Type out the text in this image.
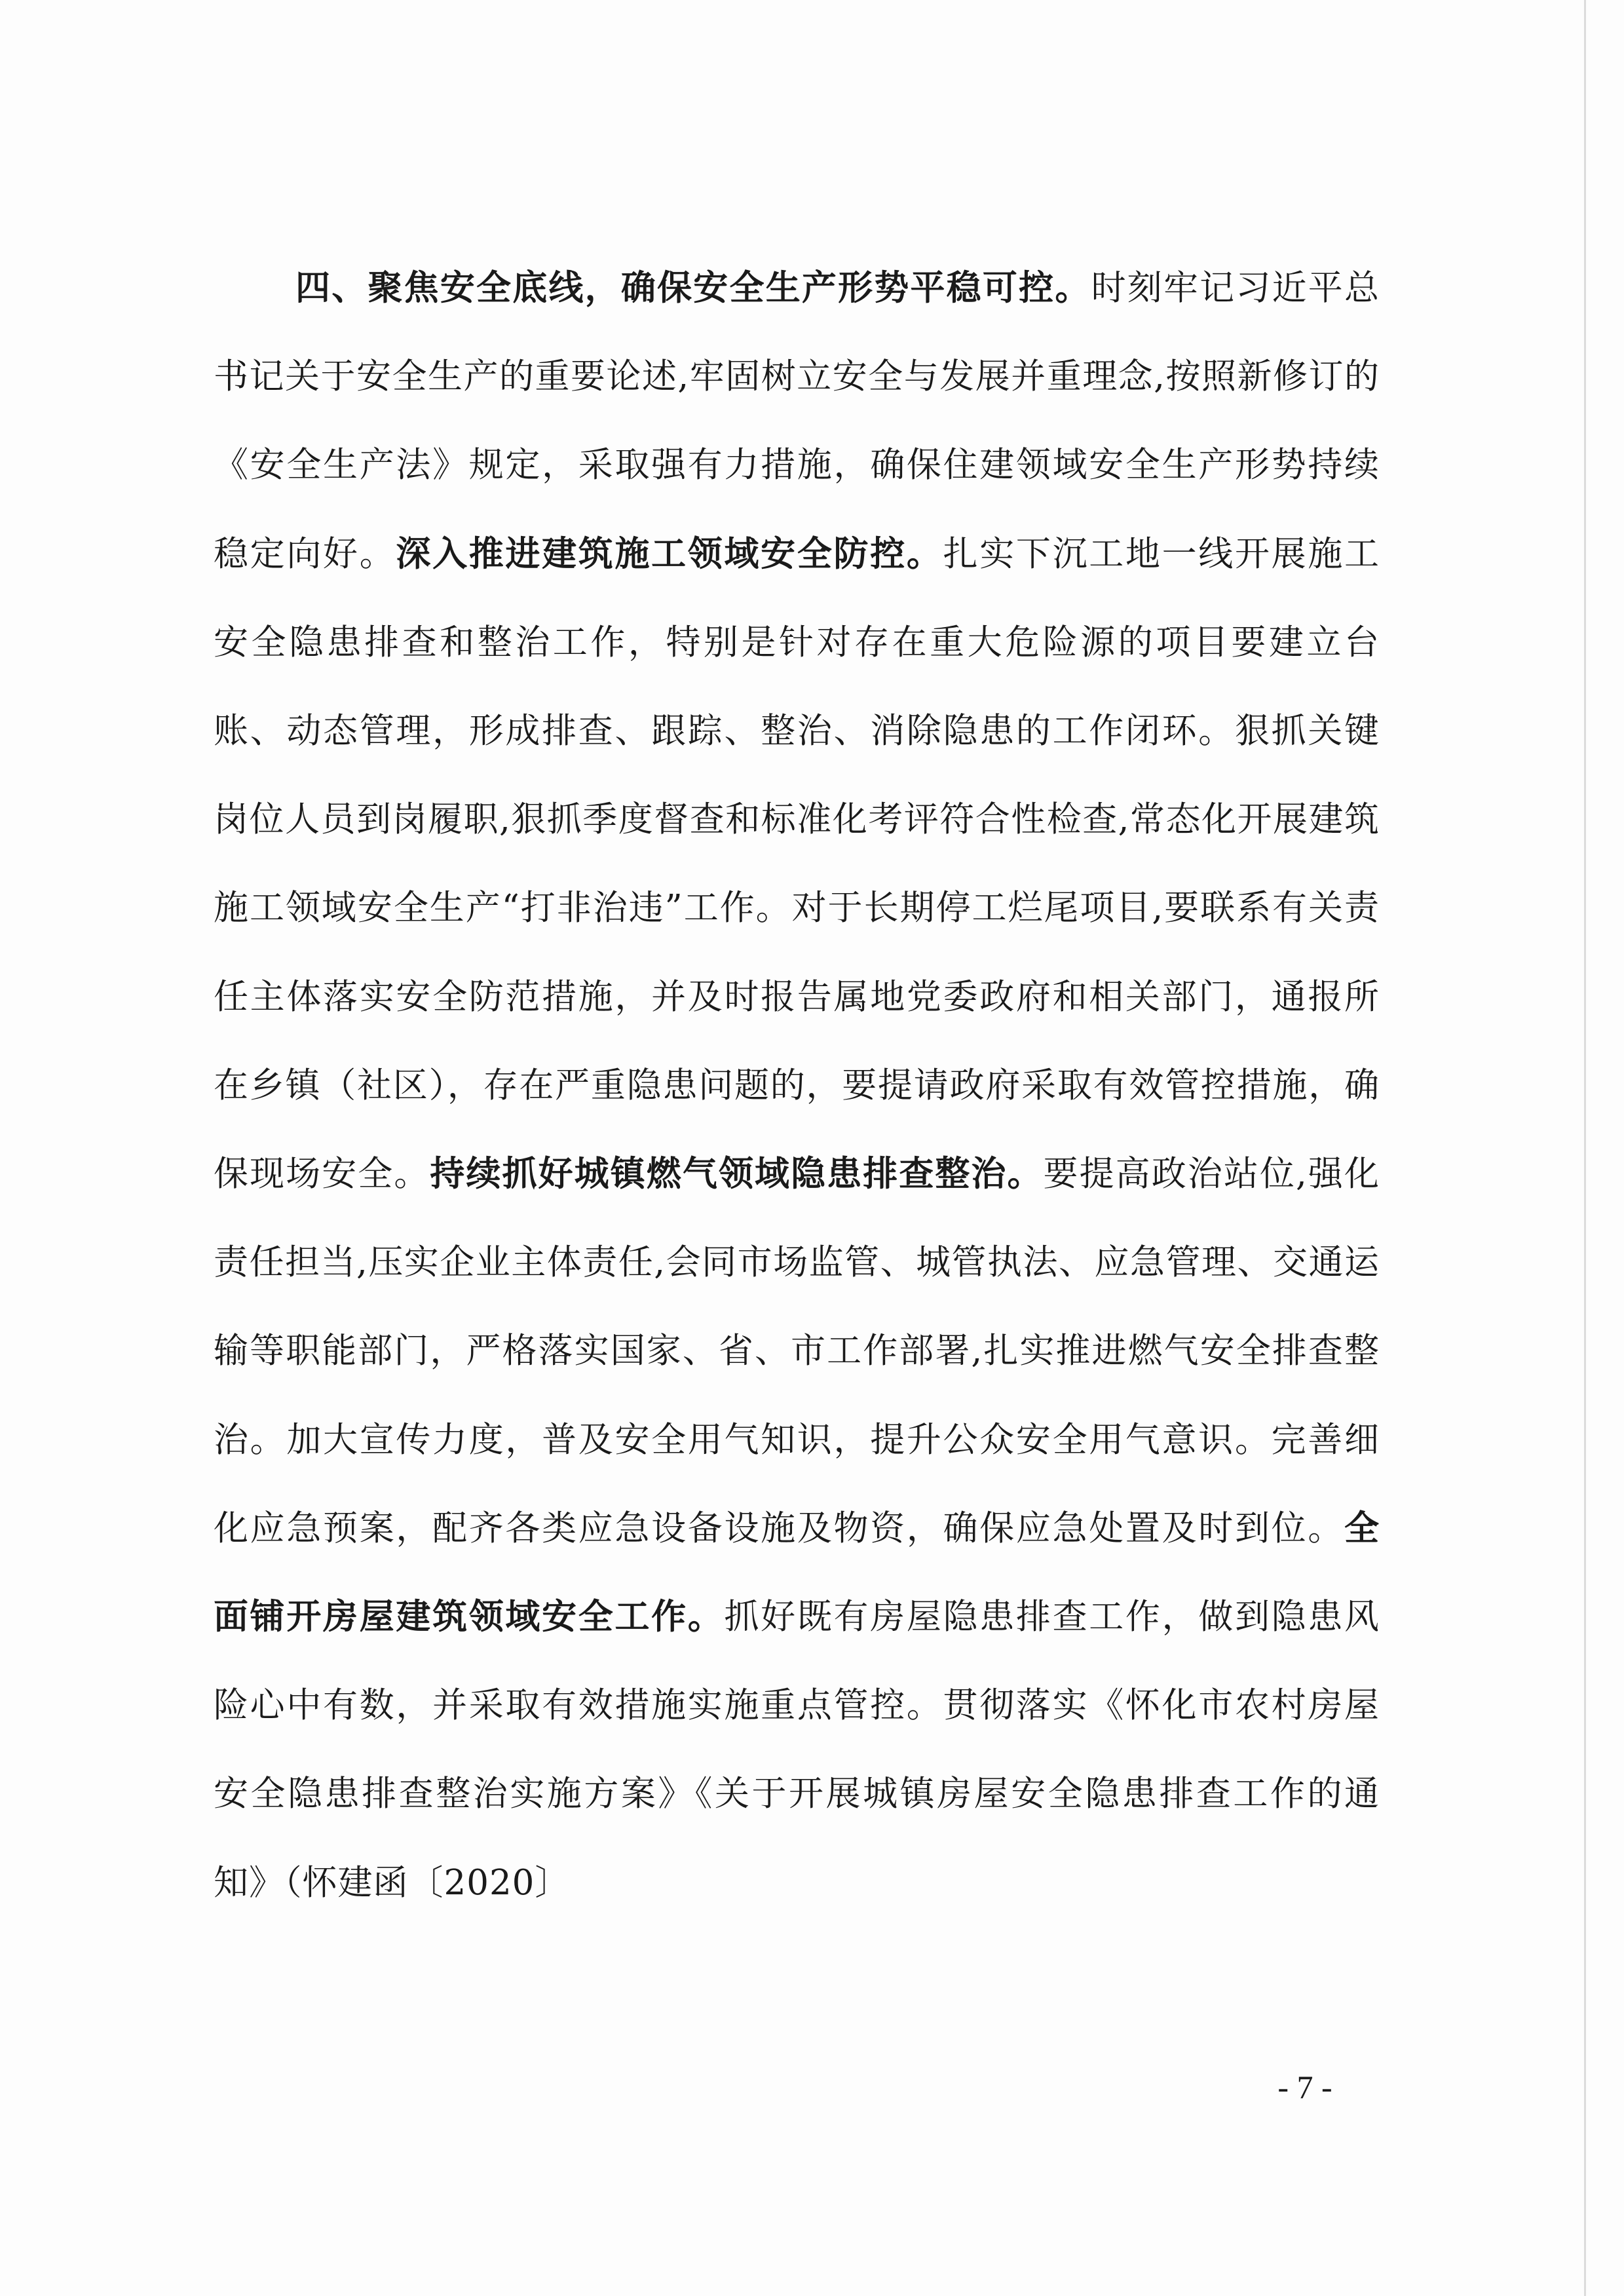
四、聚焦安全底线，确保安全生产形势平稳可控。时刻牢记习近平总书记关于安全生产的重要论述,牢固树立安全与发展并重理念,按照新修订的《安全生产法》规定，采取强有力措施，确保住建领域安全生产形势持续稳定向好。深入推进建筑施工领域安全防控。扎实下沉工地一线开展施工安全隐患排查和整治工作，特别是针对存在重大危险源的项目要建立台账、动态管理，形成排查、跟踪、整治、消除隐患的工作闭环。狠抓关键岗位人员到岗履职,狠抓季度督查和标准化考评符合性检查,常态化开展建筑施工领域安全生产“打非治违”工作。对于长期停工烂尾项目,要联系有关责任主体落实安全防范措施，并及时报告属地党委政府和相关部门，通报所在乡镇（社区），存在严重隐患问题的，要提请政府采取有效管控措施，确保现场安全。持续抓好城镇燃气领域隐患排查整治。要提高政治站位,强化责任担当,压实企业主体责任,会同市场监管、城管执法、应急管理、交通运输等职能部门，严格落实国家、省、市工作部署,扎实推进燃气安全排查整治。加大宣传力度，普及安全用气知识，提升公众安全用气意识。完善细化应急预案，配齐各类应急设备设施及物资，确保应急处置及时到位。全面铺开房屋建筑领域安全工作。抓好既有房屋隐患排查工作，做到隐患风险心中有数，并采取有效措施实施重点管控。贯彻落实《怀化市农村房屋安全隐患排查整治实施方案》《关于开展城镇房屋安全隐患排查工作的通知》（怀建函〔2020〕

- 7 -
